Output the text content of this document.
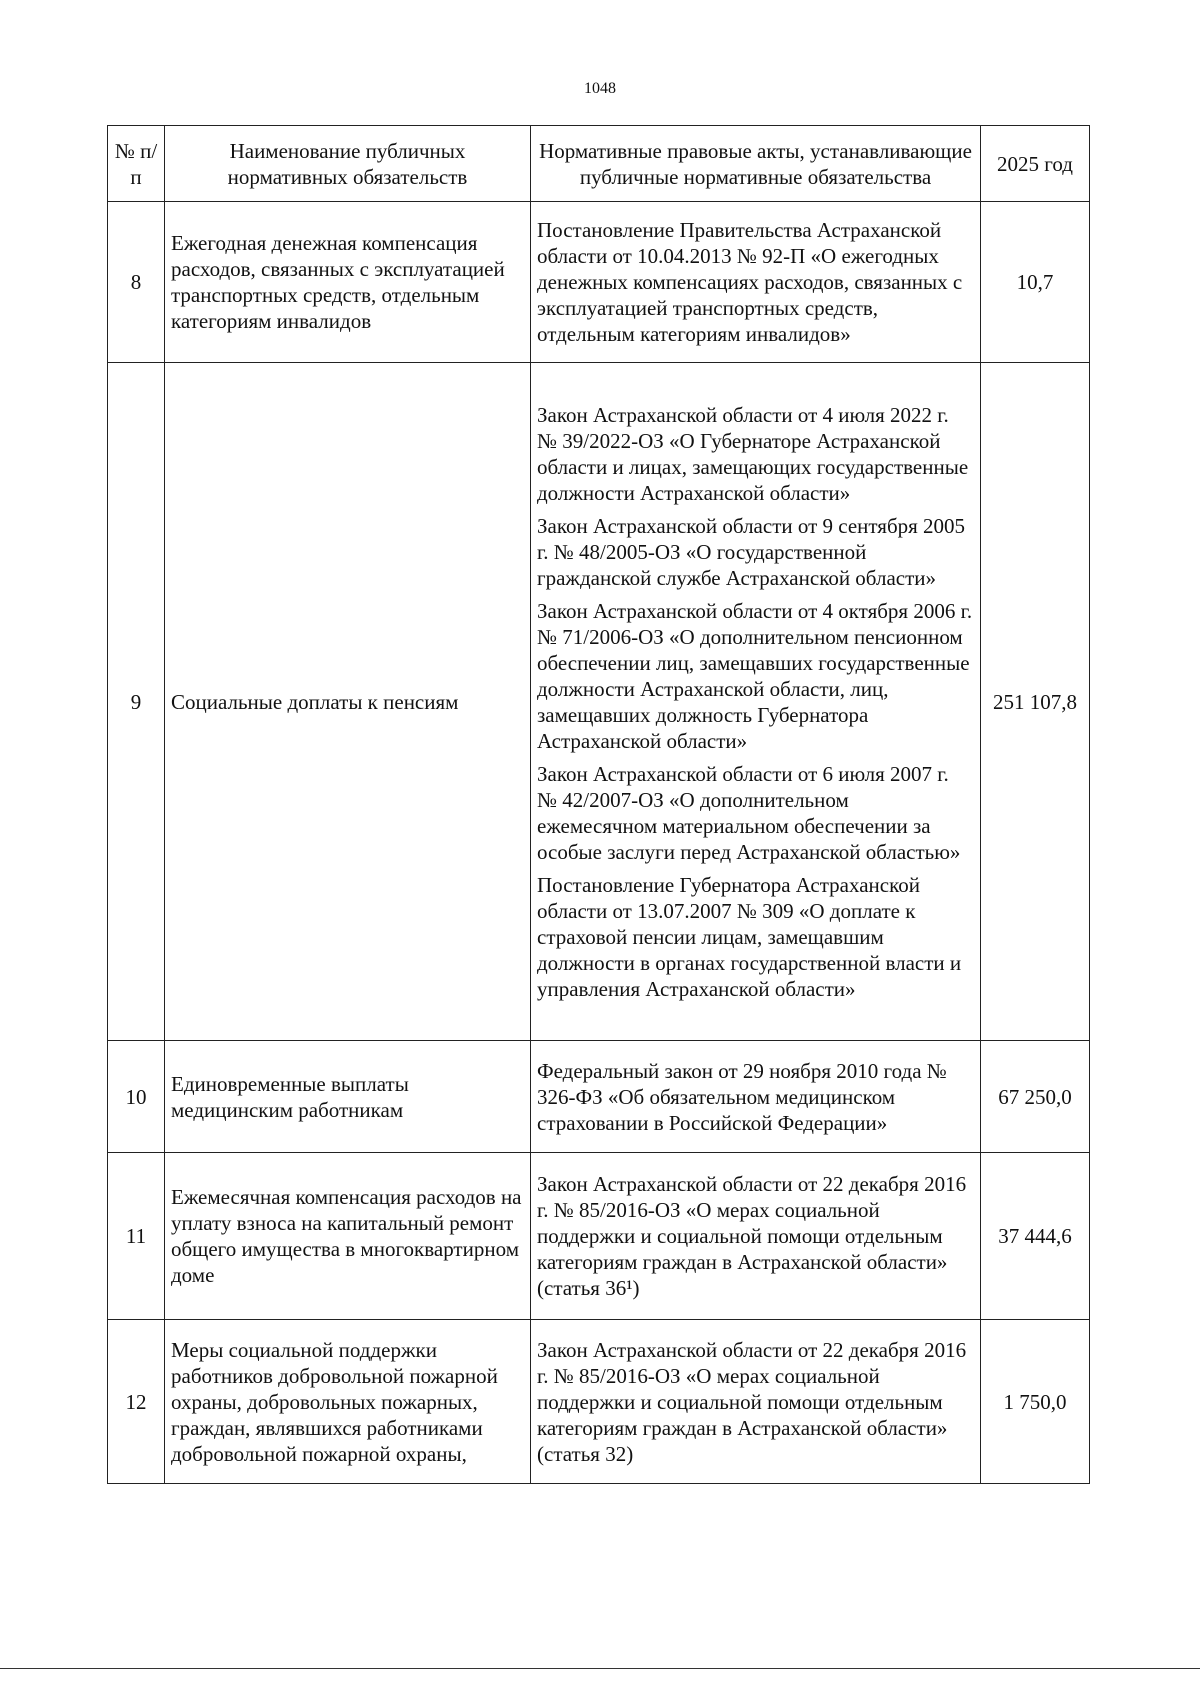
1048
№ п/п	Наименование публичных нормативных обязательств	Нормативные правовые акты, устанавливающие публичные нормативные обязательства	2025 год
8	Ежегодная денежная компенсация расходов, связанных с эксплуатацией транспортных средств, отдельным категориям инвалидов	Постановление Правительства Астраханской области от 10.04.2013 № 92-П «О ежегодных денежных компенсациях расходов, связанных с эксплуатацией транспортных средств, отдельным категориям инвалидов»	10,7
9	Социальные доплаты к пенсиям	Закон Астраханской области от 4 июля 2022 г. № 39/2022-ОЗ «О Губернаторе Астраханской области и лицах, замещающих государственные должности Астраханской области»
Закон Астраханской области от 9 сентября 2005 г. № 48/2005-ОЗ «О государственной гражданской службе Астраханской области»
Закон Астраханской области от 4 октября 2006 г. № 71/2006-ОЗ «О дополнительном пенсионном обеспечении лиц, замещавших государственные должности Астраханской области, лиц, замещавших должность Губернатора Астраханской области»
Закон Астраханской области от 6 июля 2007 г. № 42/2007-ОЗ «О дополнительном ежемесячном материальном обеспечении за особые заслуги перед Астраханской областью»
Постановление Губернатора Астраханской области от 13.07.2007 № 309 «О доплате к страховой пенсии лицам, замещавшим должности в органах государственной власти и управления Астраханской области»	251 107,8
10	Единовременные выплаты медицинским работникам	Федеральный закон от 29 ноября 2010 года № 326-ФЗ «Об обязательном медицинском страховании в Российской Федерации»	67 250,0
11	Ежемесячная компенсация расходов на уплату взноса на капитальный ремонт общего имущества в многоквартирном доме	Закон Астраханской области от 22 декабря 2016 г. № 85/2016-ОЗ «О мерах социальной поддержки и социальной помощи отдельным категориям граждан в Астраханской области» (статья 36¹)	37 444,6
12	Меры социальной поддержки работников добровольной пожарной охраны, добровольных пожарных, граждан, являвшихся работниками добровольной пожарной охраны,	Закон Астраханской области от 22 декабря 2016 г. № 85/2016-ОЗ «О мерах социальной поддержки и социальной помощи отдельным категориям граждан в Астраханской области» (статья 32)	1 750,0
